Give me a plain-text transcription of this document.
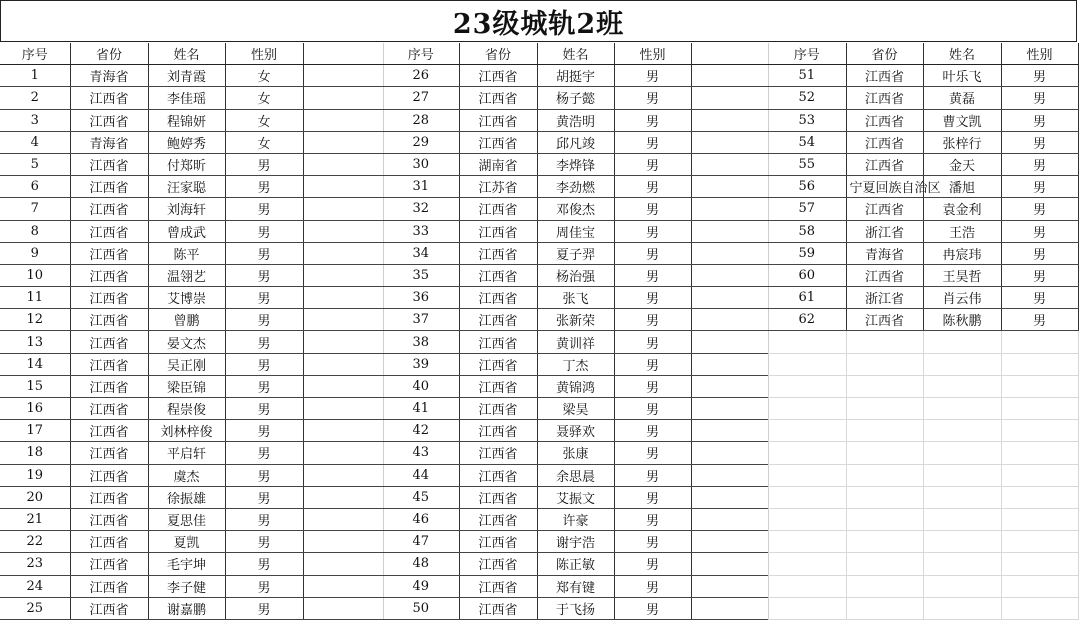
23级城轨2班
序号	省份	姓名	性别	
1	青海省	刘青霞	女	
2	江西省	李佳瑶	女	
3	江西省	程锦妍	女	
4	青海省	鲍婷秀	女	
5	江西省	付郑昕	男	
6	江西省	汪家聪	男	
7	江西省	刘海轩	男	
8	江西省	曾成武	男	
9	江西省	陈平	男	
10	江西省	温翎艺	男	
11	江西省	艾博崇	男	
12	江西省	曾鹏	男	
13	江西省	晏文杰	男	
14	江西省	吴正刚	男	
15	江西省	梁臣锦	男	
16	江西省	程崇俊	男	
17	江西省	刘林梓俊	男	
18	江西省	平启轩	男	
19	江西省	虞杰	男	
20	江西省	徐振雄	男	
21	江西省	夏思佳	男	
22	江西省	夏凯	男	
23	江西省	毛宇坤	男	
24	江西省	李子健	男	
25	江西省	谢嘉鹏	男	
序号	省份	姓名	性别	
26	江西省	胡挺宇	男	
27	江西省	杨子懿	男	
28	江西省	黄浩明	男	
29	江西省	邱凡竣	男	
30	湖南省	李烨锋	男	
31	江苏省	李劲燃	男	
32	江西省	邓俊杰	男	
33	江西省	周佳宝	男	
34	江西省	夏子羿	男	
35	江西省	杨治强	男	
36	江西省	张飞	男	
37	江西省	张新荣	男	
38	江西省	黄训祥	男	
39	江西省	丁杰	男	
40	江西省	黄锦鸿	男	
41	江西省	梁昊	男	
42	江西省	聂驿欢	男	
43	江西省	张康	男	
44	江西省	余思晨	男	
45	江西省	艾振文	男	
46	江西省	许豪	男	
47	江西省	谢宇浩	男	
48	江西省	陈正敏	男	
49	江西省	郑有键	男	
50	江西省	于飞扬	男	
序号	省份	姓名	性别
51	江西省	叶乐飞	男
52	江西省	黄磊	男
53	江西省	曹文凯	男
54	江西省	张梓行	男
55	江西省	金天	男
56	宁夏回族自治区	潘旭	男
57	江西省	袁金利	男
58	浙江省	王浩	男
59	青海省	冉宸玮	男
60	江西省	王昊哲	男
61	浙江省	肖云伟	男
62	江西省	陈秋鹏	男
